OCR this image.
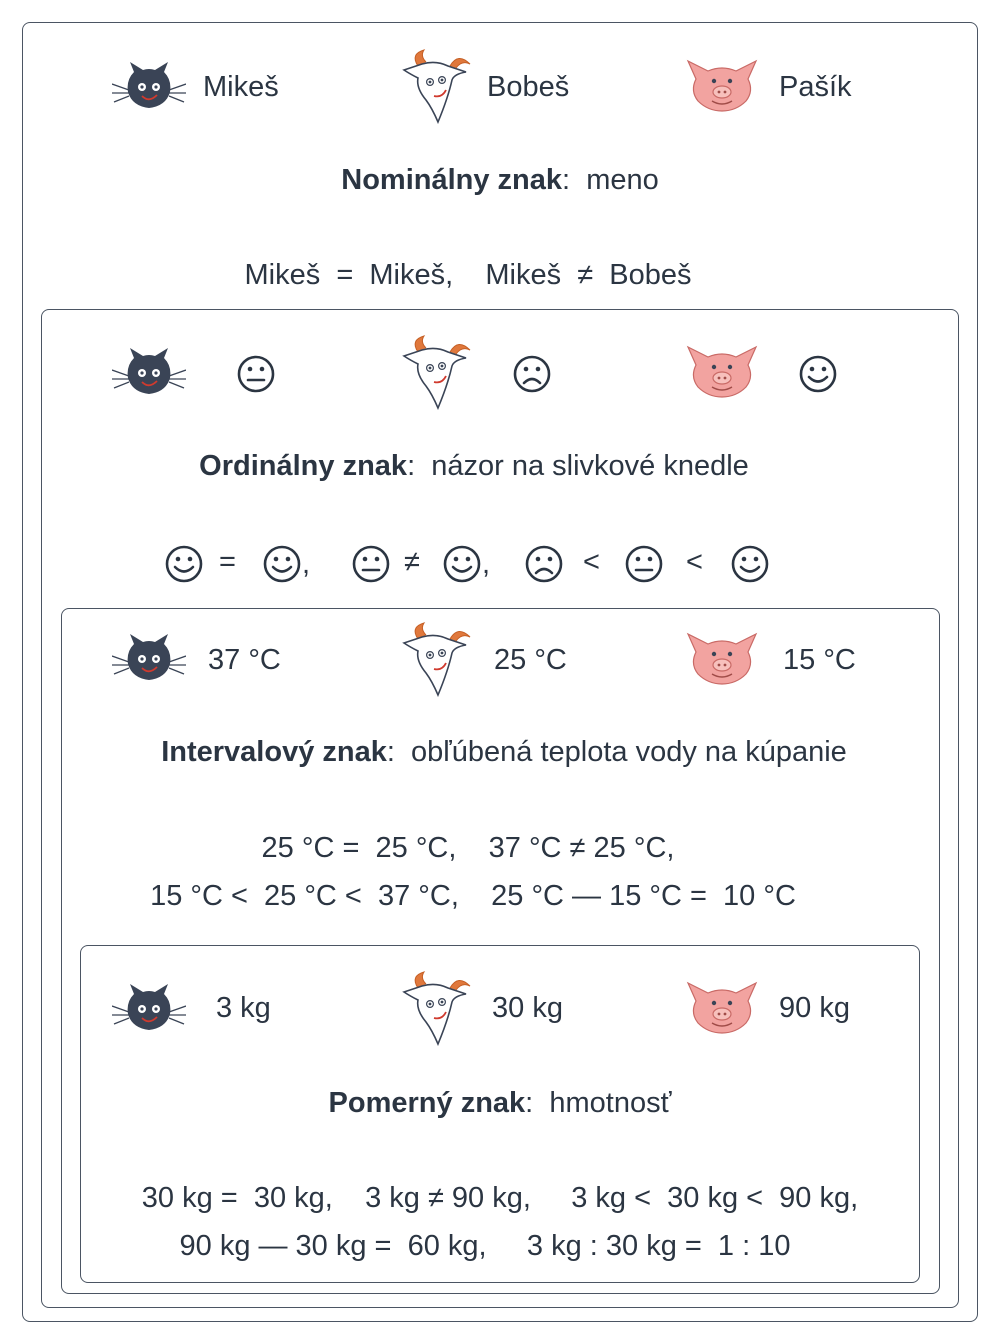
Mikeš	Bobeš	Pašík
Nominálny znak:  meno
Mikeš  =  Mikeš,    Mikeš  ≠  Bobeš
Ordinálny znak:  názor na slivkové knedle
= ,	≠ ,	<	<
37 °C	25 °C	15 °C
Intervalový znak:  obľúbená teplota vody na kúpanie
25 °C =  25 °C,    37 °C ≠ 25 °C,
15 °C <  25 °C <  37 °C,    25 °C — 15 °C =  10 °C
3 kg	30 kg	90 kg
Pomerný znak:  hmotnosť
30 kg =  30 kg,    3 kg ≠ 90 kg,     3 kg <  30 kg <  90 kg,
90 kg — 30 kg =  60 kg,     3 kg : 30 kg =  1 : 10
